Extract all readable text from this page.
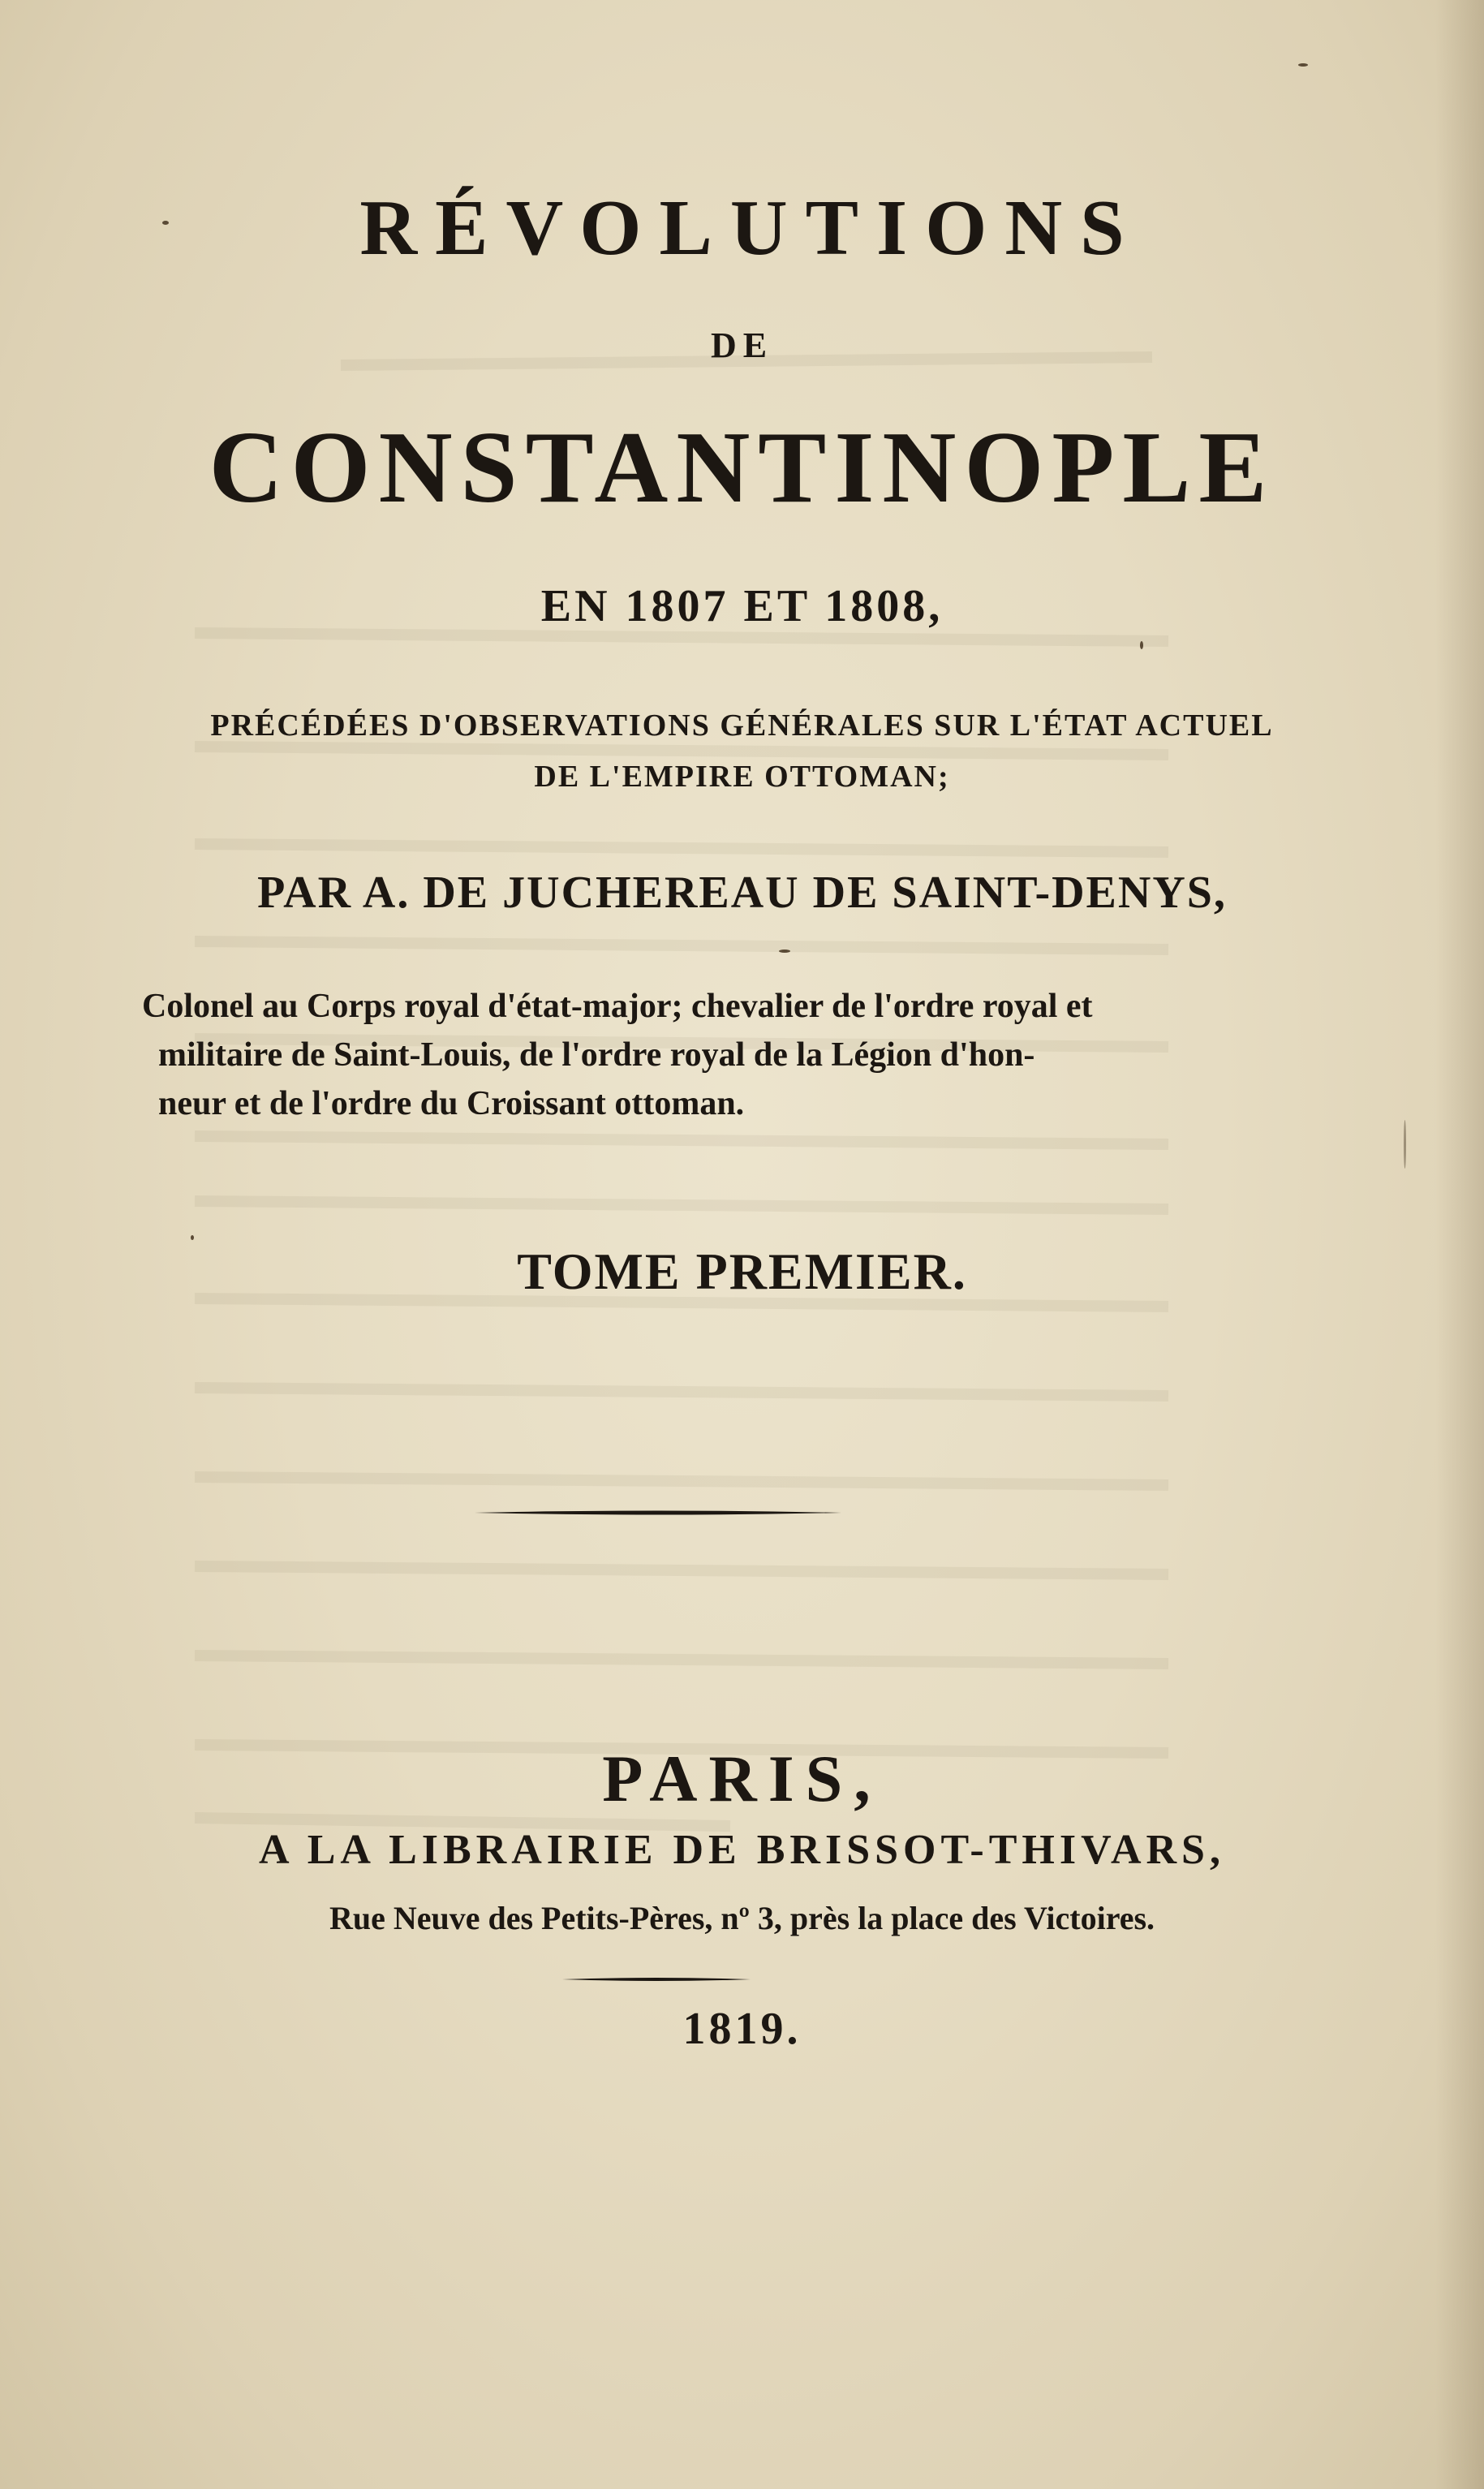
RÉVOLUTIONS
DE
CONSTANTINOPLE
EN 1807 ET 1808,
PRÉCÉDÉES D'OBSERVATIONS GÉNÉRALES SUR L'ÉTAT ACTUEL
DE L'EMPIRE OTTOMAN;
PAR A. DE JUCHEREAU DE SAINT-DENYS,
Colonel au Corps royal d'état-major; chevalier de l'ordre royal et
militaire de Saint-Louis, de l'ordre royal de la Légion d'hon-
neur et de l'ordre du Croissant ottoman.
TOME PREMIER.
PARIS,
A LA LIBRAIRIE DE BRISSOT-THIVARS,
Rue Neuve des Petits-Pères, nº 3, près la place des Victoires.
1819.
